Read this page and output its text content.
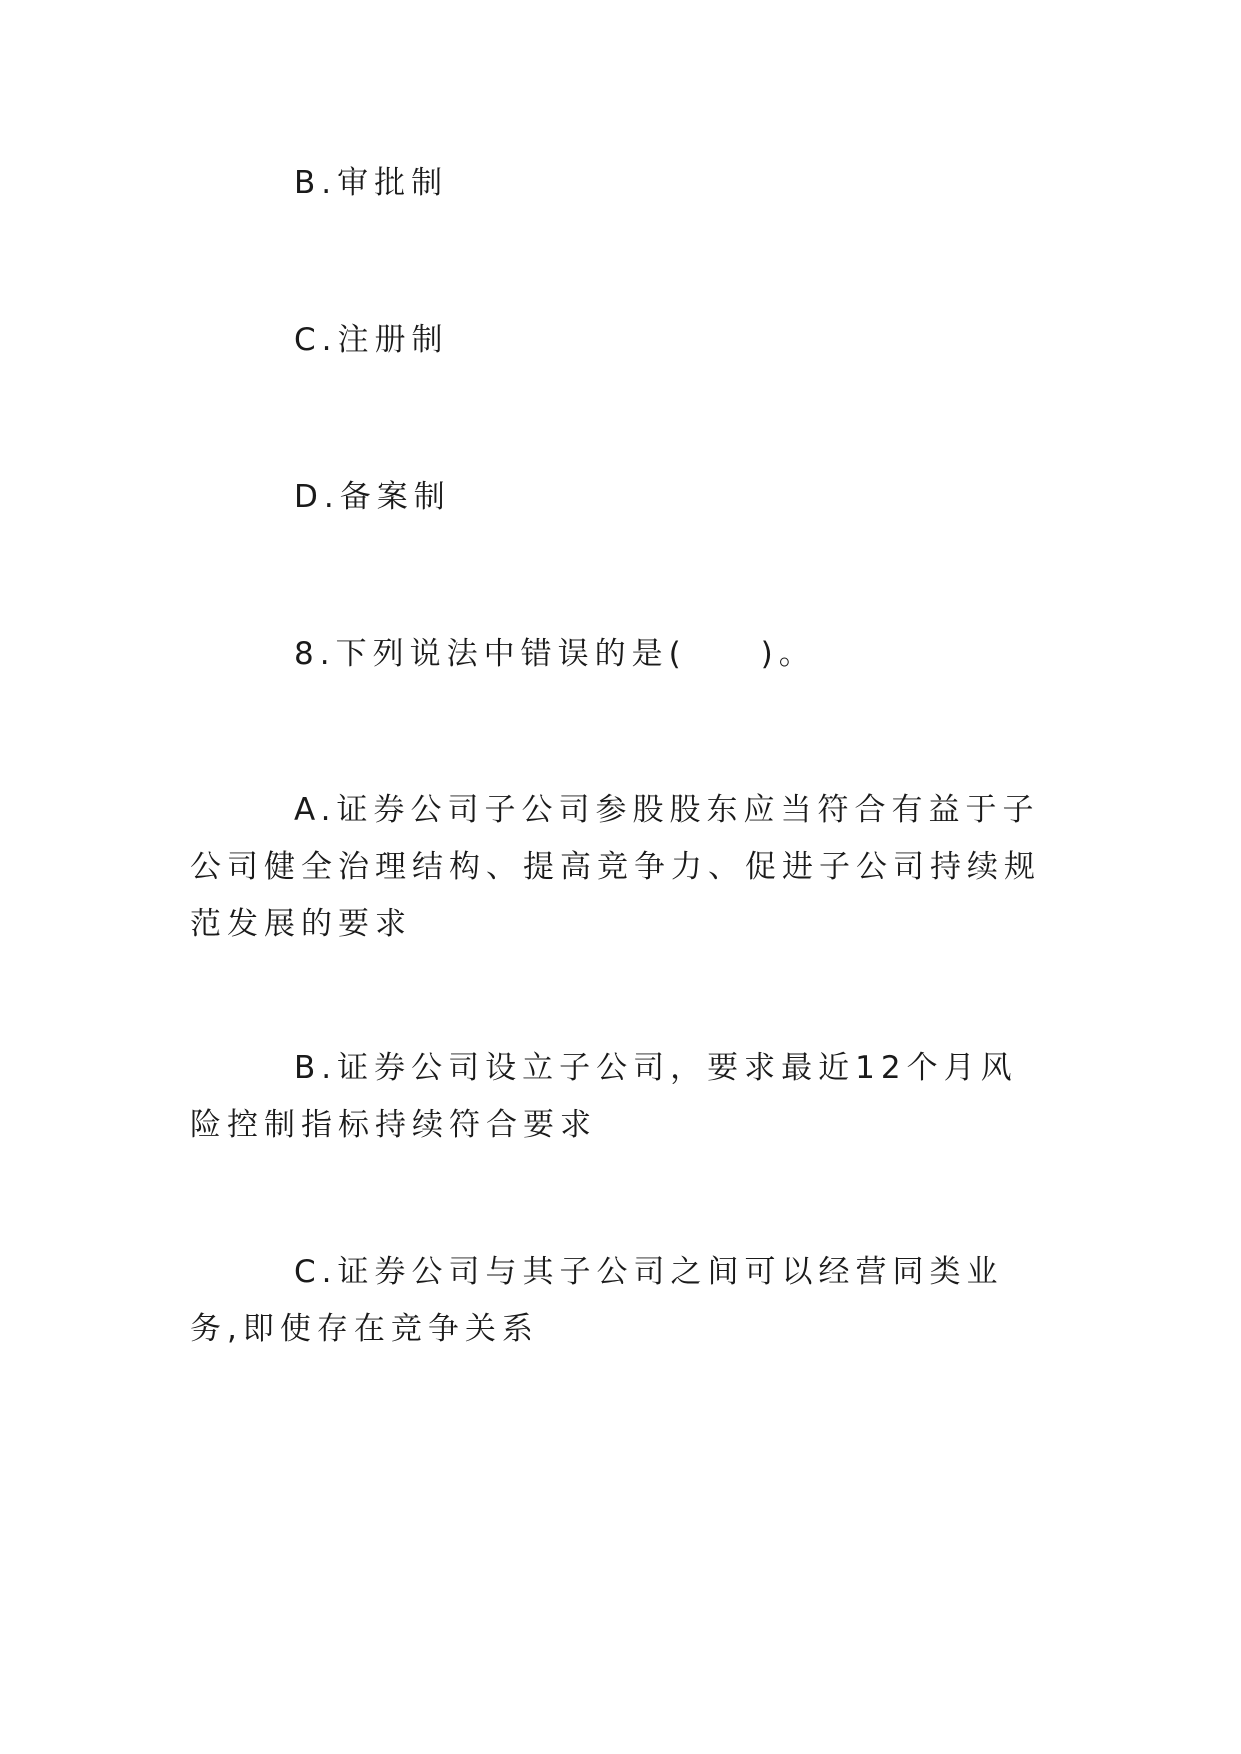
B.审批制

C.注册制

D.备案制

8.下列说法中错误的是(　　)。

A.证券公司子公司参股股东应当符合有益于子公司健全治理结构、提高竞争力、促进子公司持续规范发展的要求

B.证券公司设立子公司，要求最近12个月风险控制指标持续符合要求

C.证券公司与其子公司之间可以经营同类业务,即使存在竞争关系
